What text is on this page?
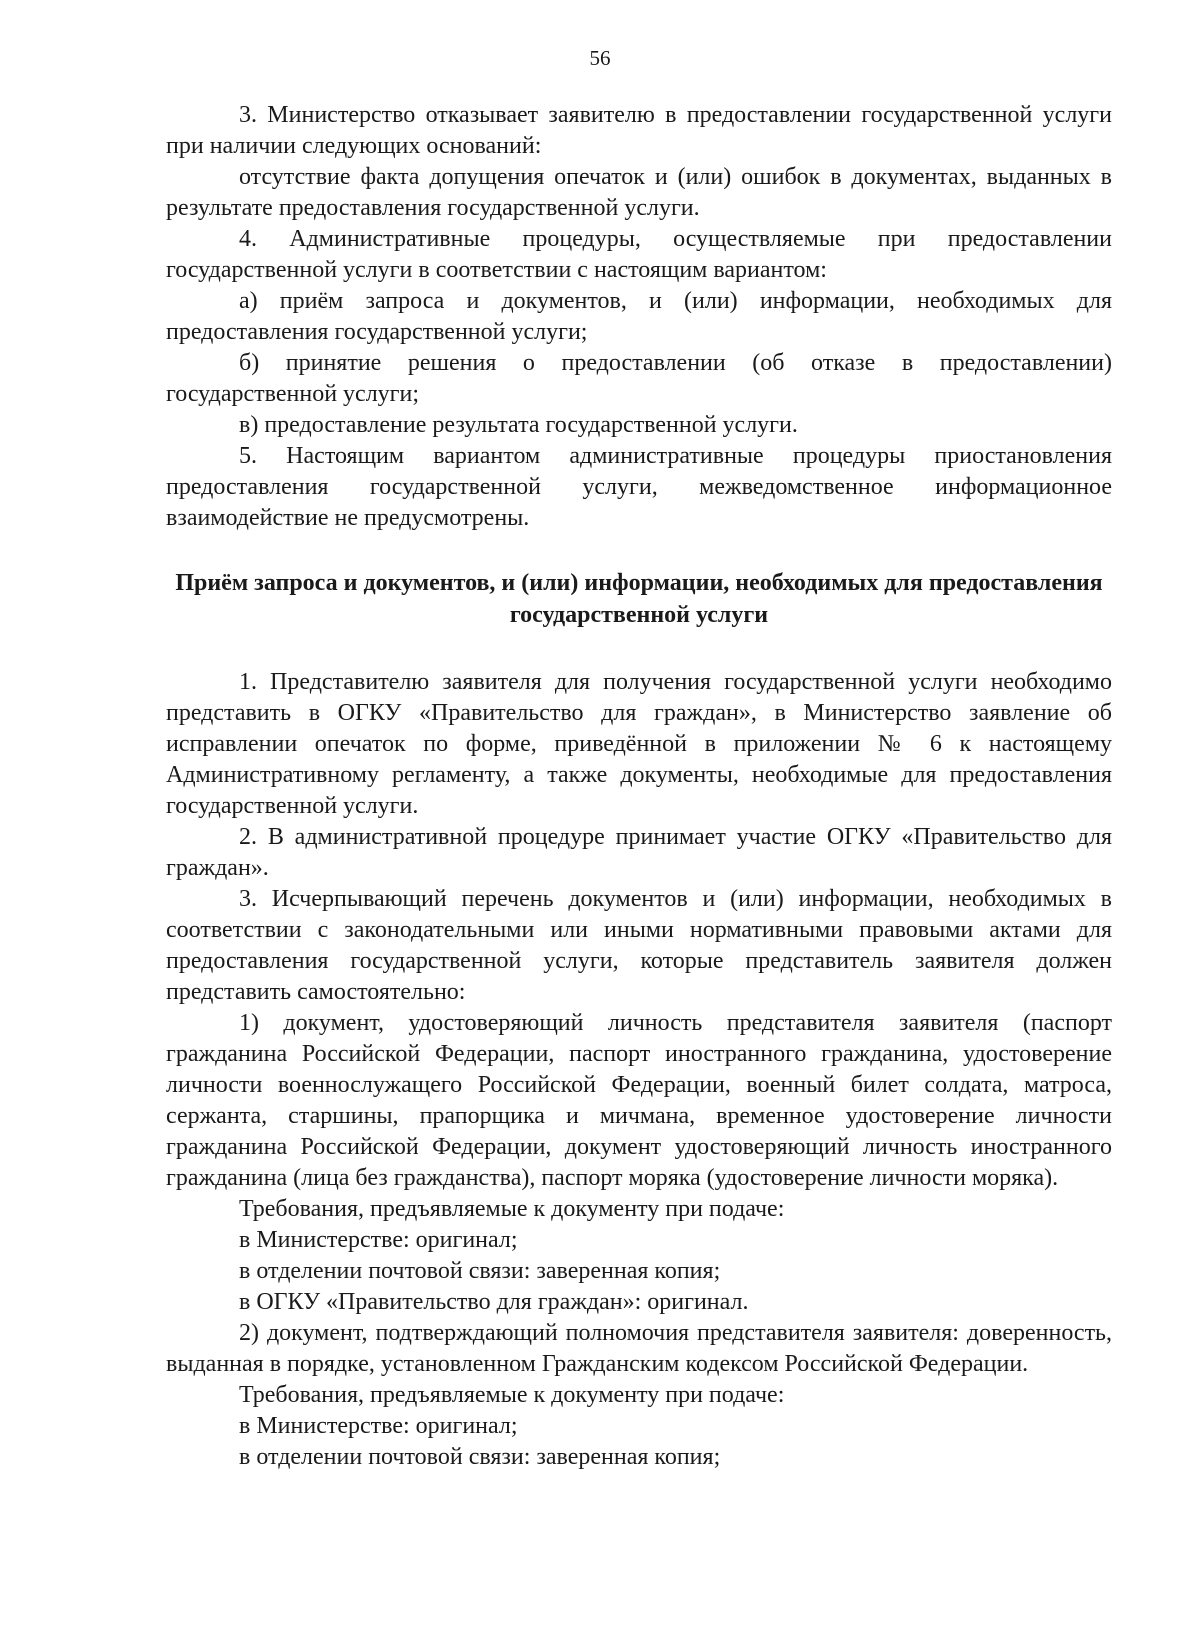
56

3. Министерство отказывает заявителю в предоставлении государственной услуги при наличии следующих оснований:

отсутствие факта допущения опечаток и (или) ошибок в документах, выданных в результате предоставления государственной услуги.

4. Административные процедуры, осуществляемые при предоставлении государственной услуги в соответствии с настоящим вариантом:

а) приём запроса и документов, и (или) информации, необходимых для предоставления государственной услуги;

б) принятие решения о предоставлении (об отказе в предоставлении) государственной услуги;

в) предоставление результата государственной услуги.

5. Настоящим вариантом административные процедуры приостановления предоставления государственной услуги, межведомственное информационное взаимодействие не предусмотрены.

Приём запроса и документов, и (или) информации, необходимых для предоставления государственной услуги

1. Представителю заявителя для получения государственной услуги необходимо представить в ОГКУ «Правительство для граждан», в Министерство заявление об исправлении опечаток по форме, приведённой в приложении № 6 к настоящему Административному регламенту, а также документы, необходимые для предоставления государственной услуги.

2. В административной процедуре принимает участие ОГКУ «Правительство для граждан».

3. Исчерпывающий перечень документов и (или) информации, необходимых в соответствии с законодательными или иными нормативными правовыми актами для предоставления государственной услуги, которые представитель заявителя должен представить самостоятельно:

1) документ, удостоверяющий личность представителя заявителя (паспорт гражданина Российской Федерации, паспорт иностранного гражданина, удостоверение личности военнослужащего Российской Федерации, военный билет солдата, матроса, сержанта, старшины, прапорщика и мичмана, временное удостоверение личности гражданина Российской Федерации, документ удостоверяющий личность иностранного гражданина (лица без гражданства), паспорт моряка (удостоверение личности моряка).

Требования, предъявляемые к документу при подаче:

в Министерстве: оригинал;

в отделении почтовой связи: заверенная копия;

в ОГКУ «Правительство для граждан»: оригинал.

2) документ, подтверждающий полномочия представителя заявителя: доверенность, выданная в порядке, установленном Гражданским кодексом Российской Федерации.

Требования, предъявляемые к документу при подаче:

в Министерстве: оригинал;

в отделении почтовой связи: заверенная копия;
